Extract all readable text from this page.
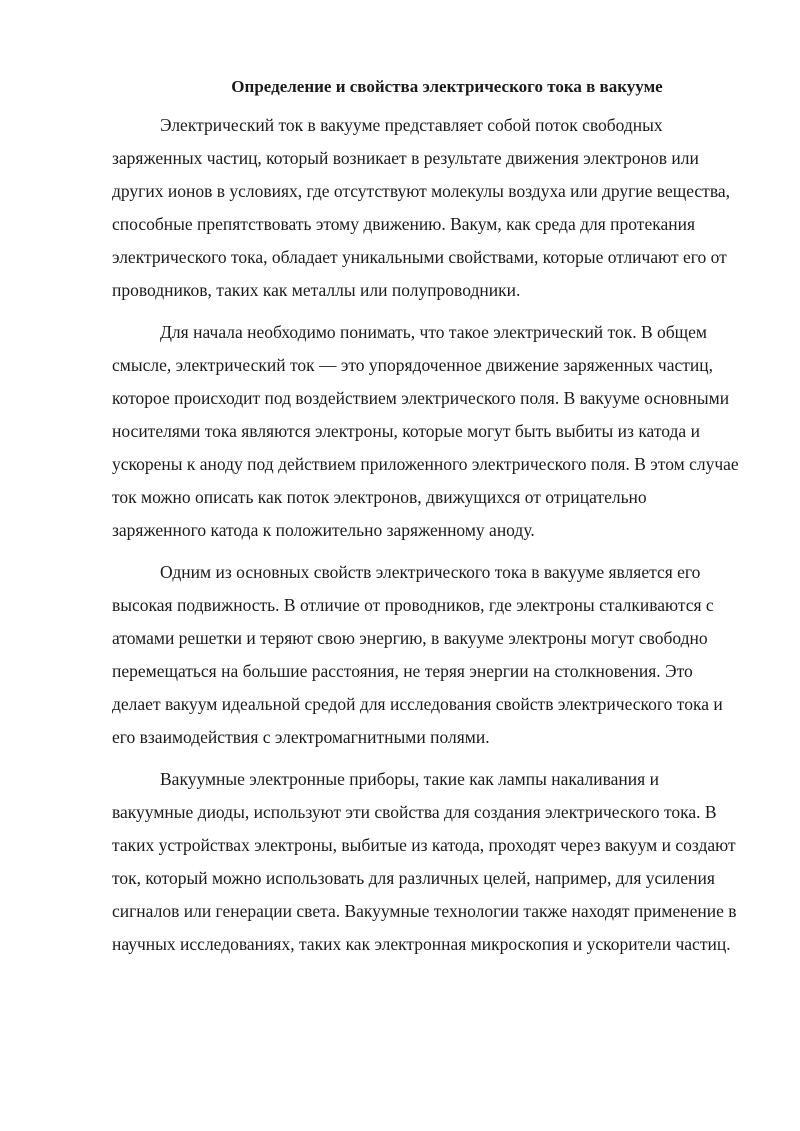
Определение и свойства электрического тока в вакууме

Электрический ток в вакууме представляет собой поток свободных заряженных частиц, который возникает в результате движения электронов или других ионов в условиях, где отсутствуют молекулы воздуха или другие вещества, способные препятствовать этому движению. Вакум, как среда для протекания электрического тока, обладает уникальными свойствами, которые отличают его от проводников, таких как металлы или полупроводники.

Для начала необходимо понимать, что такое электрический ток. В общем смысле, электрический ток — это упорядоченное движение заряженных частиц, которое происходит под воздействием электрического поля. В вакууме основными носителями тока являются электроны, которые могут быть выбиты из катода и ускорены к аноду под действием приложенного электрического поля. В этом случае ток можно описать как поток электронов, движущихся от отрицательно заряженного катода к положительно заряженному аноду.

Одним из основных свойств электрического тока в вакууме является его высокая подвижность. В отличие от проводников, где электроны сталкиваются с атомами решетки и теряют свою энергию, в вакууме электроны могут свободно перемещаться на большие расстояния, не теряя энергии на столкновения. Это делает вакуум идеальной средой для исследования свойств электрического тока и его взаимодействия с электромагнитными полями.

Вакуумные электронные приборы, такие как лампы накаливания и вакуумные диоды, используют эти свойства для создания электрического тока. В таких устройствах электроны, выбитые из катода, проходят через вакуум и создают ток, который можно использовать для различных целей, например, для усиления сигналов или генерации света. Вакуумные технологии также находят применение в научных исследованиях, таких как электронная микроскопия и ускорители частиц.
